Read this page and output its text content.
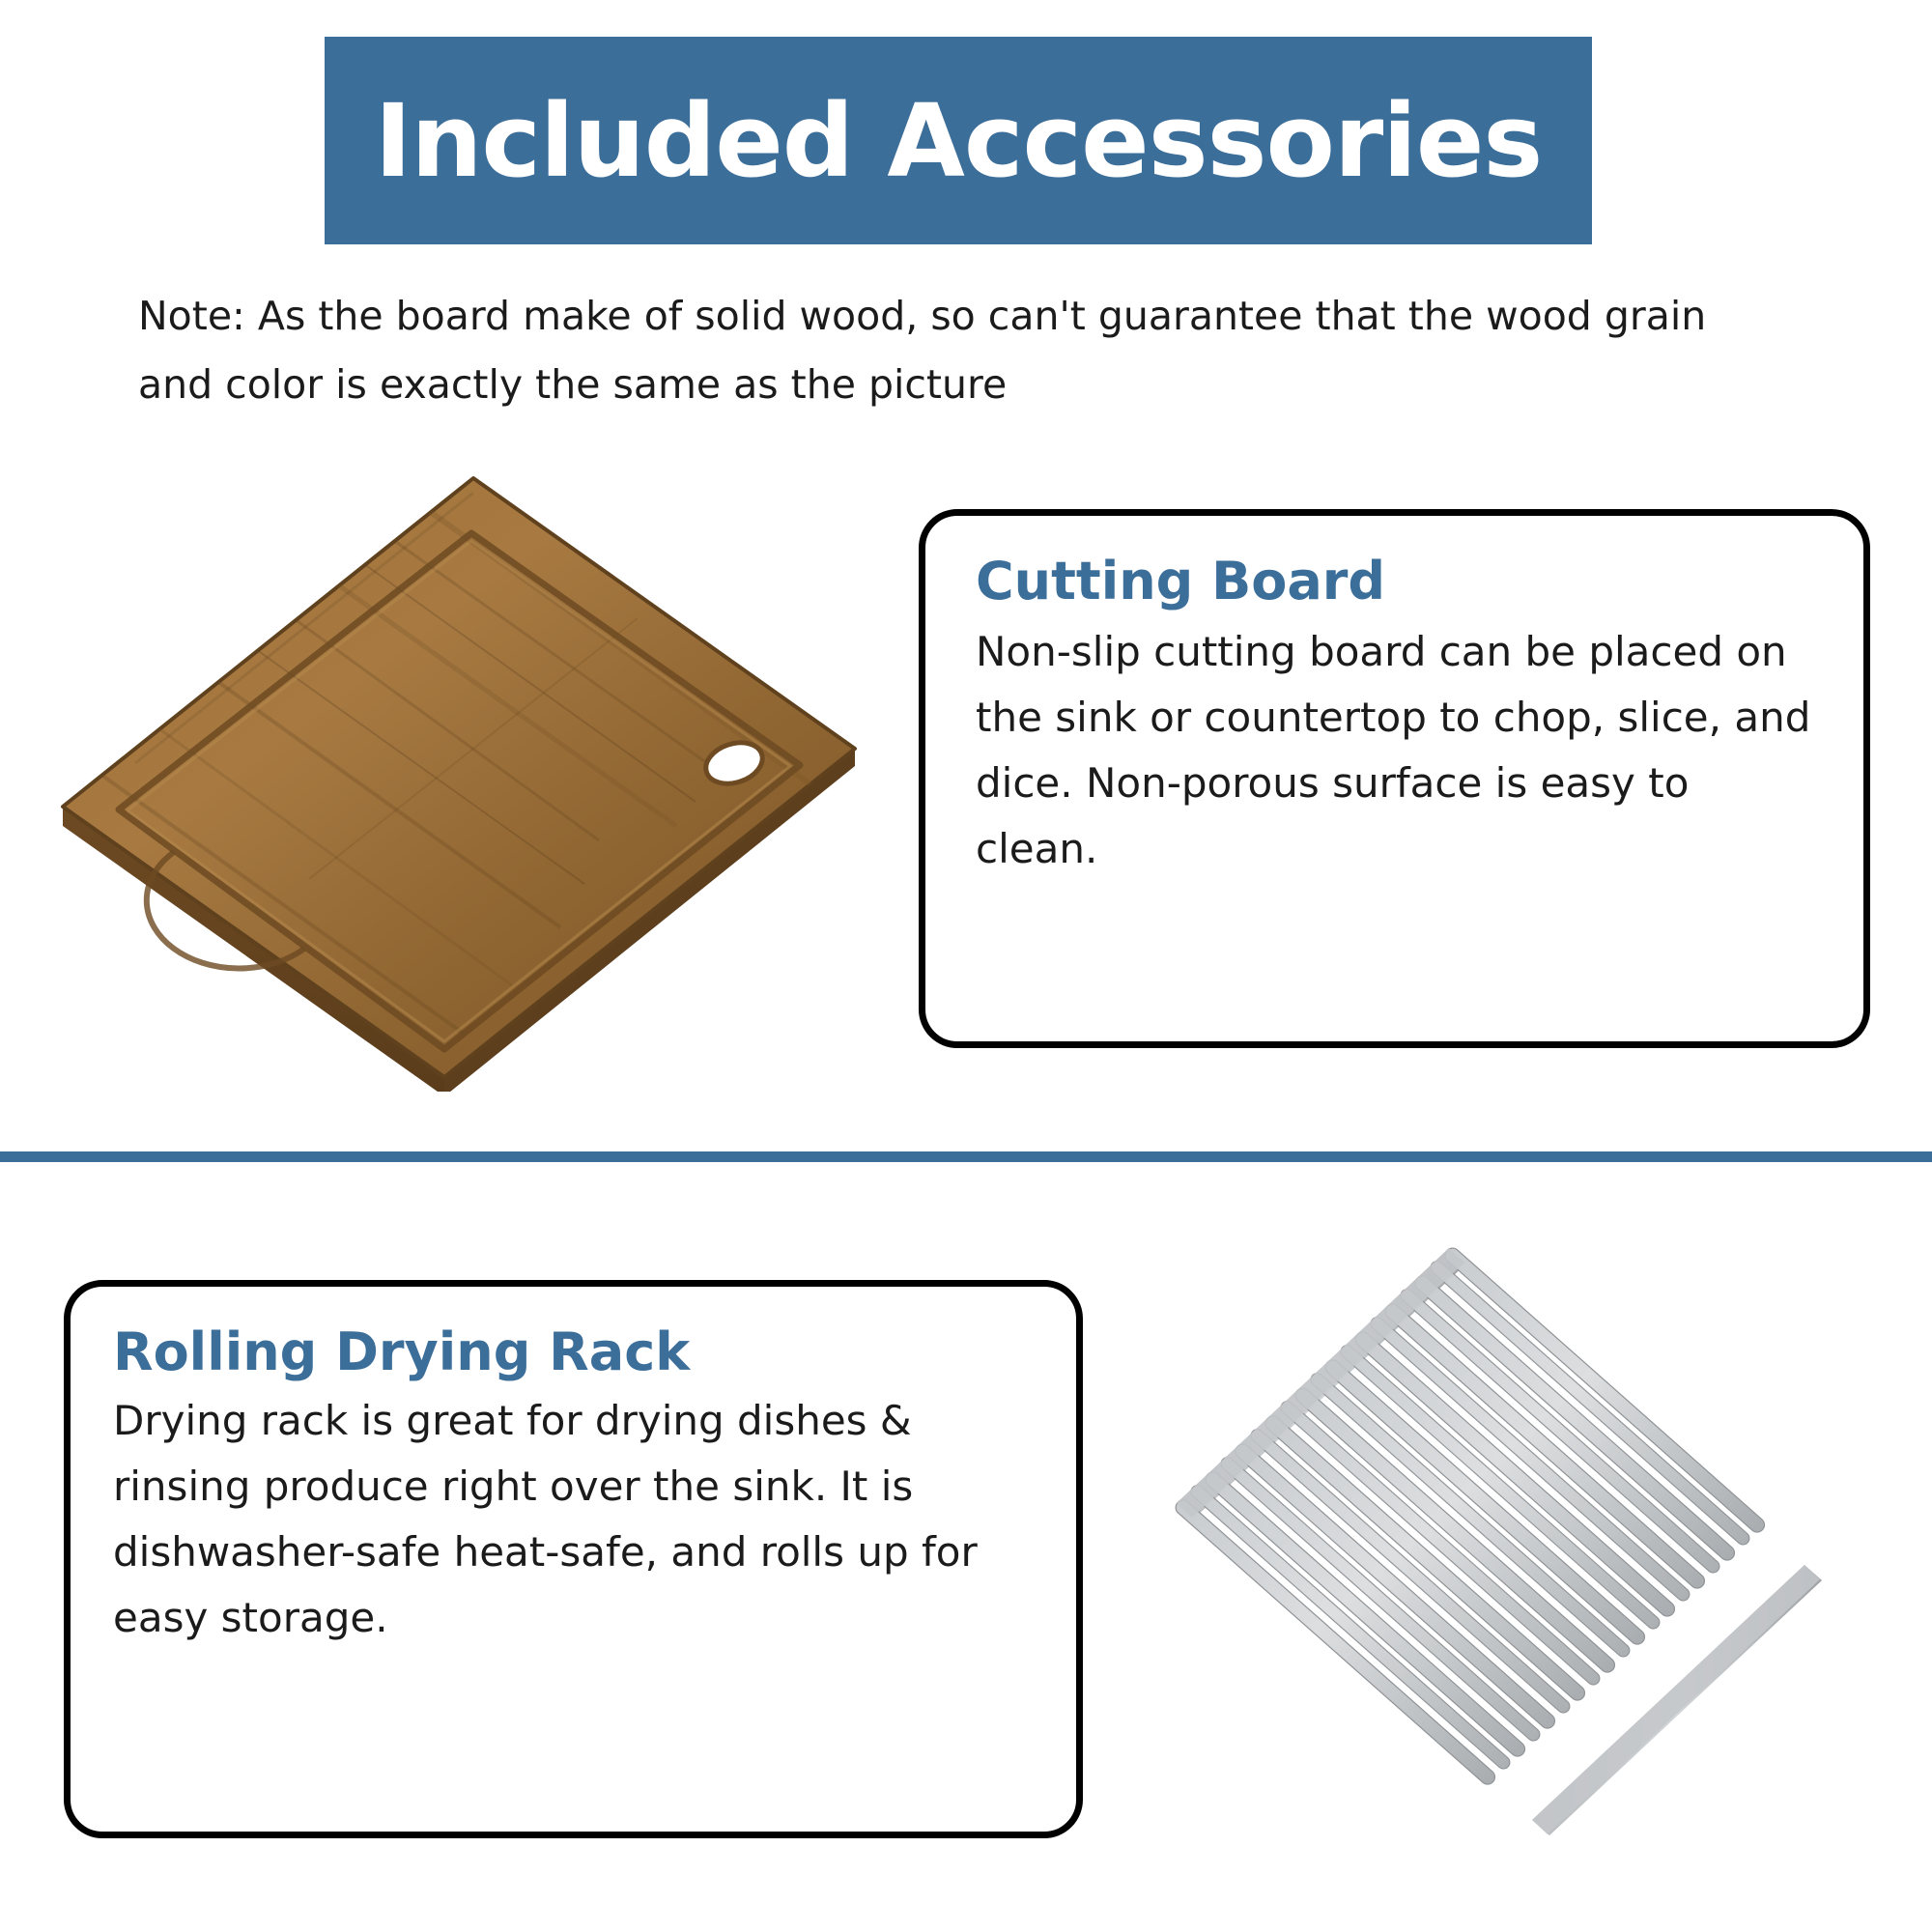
Included Accessories
Note: As the board make of solid wood, so can't guarantee that the wood grain
and color is exactly the same as the picture
Cutting Board
Non-slip cutting board can be placed on the sink or countertop to chop, slice, and dice. Non-porous surface is easy to clean.
Rolling Drying Rack
Drying rack is great for drying dishes & rinsing produce right over the sink. It is dishwasher-safe heat-safe, and rolls up for easy storage.
